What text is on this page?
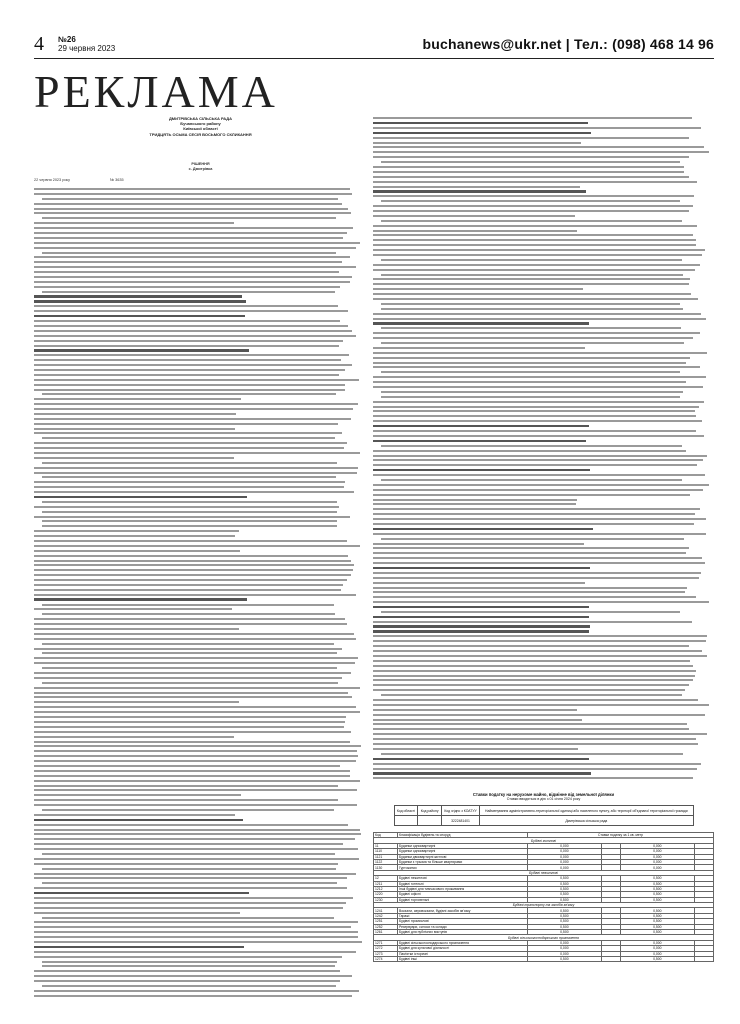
4 №26
29 червня 2023	buchanews@ukr.net | Тел.: (098) 468 14 96
РЕКЛАМА
ДМИТРІВСЬКА СІЛЬСЬКА РАДА
Бучанського району
Київської області
ТРИДЦЯТЬ ОСЬМА СЕСІЯ ВОСЬМОГО СКЛИКАННЯ
РІШЕННЯ
с. Дмитрівка
22 червня 2023 року	№ 3635
Ставки податку на нерухоме майно, відмінне від земельної ділянки
Ставки вводяться в дію з 01 січня 2024 року
Код області	Код району	Код згідно з КОАТУУ	Найменування адміністративно-територіальної одиниці або населеного пункту, або території об'єднаної територіальної громади
		3222481401	Дмитрівська сільська рада
Код	Класифікація будівель та споруд	Ставки податку за 1 кв. метр			
Будівлі житлові					
11	Будинки одноквартирні	0,000		0,000	
1110	Будинки одноквартирні	0,000		0,000	
1121	Будинки двоквартирні житлові	0,000		0,000	
1122	Будинки з трьома та більше квартирами	0,000		0,000	
1130	Гуртожитки	0,000		0,000	
Будівлі нежитлові					
12	Будівлі нежитлові	0,500		0,500	
1211	Будівлі готельні	0,500		0,500	
1212	Інші будівлі для тимчасового проживання	0,500		0,500	
1220	Будівлі офісні	0,500		0,500	
1230	Будівлі торговельні	0,500		0,500	
Будівлі транспорту та засобів зв'язку					
1241	Вокзали, аеровокзали, будівлі засобів зв'язку	0,500		0,500	
1242	Гаражі	0,500		0,500	
1251	Будівлі промислові	0,500		0,500	
1252	Резервуари, силоси та склади	0,500		0,500	
1261	Будівлі для публічних виступів	0,500		0,500	
Будівлі сільськогосподарського призначення					
1271	Будівлі сільськогосподарського призначення	0,000		0,000	
1272	Будівлі для культової діяльності	0,000		0,000	
1273	Пам'ятки історичні	0,000		0,000	
1274	Будівлі інші	0,500		0,500	
